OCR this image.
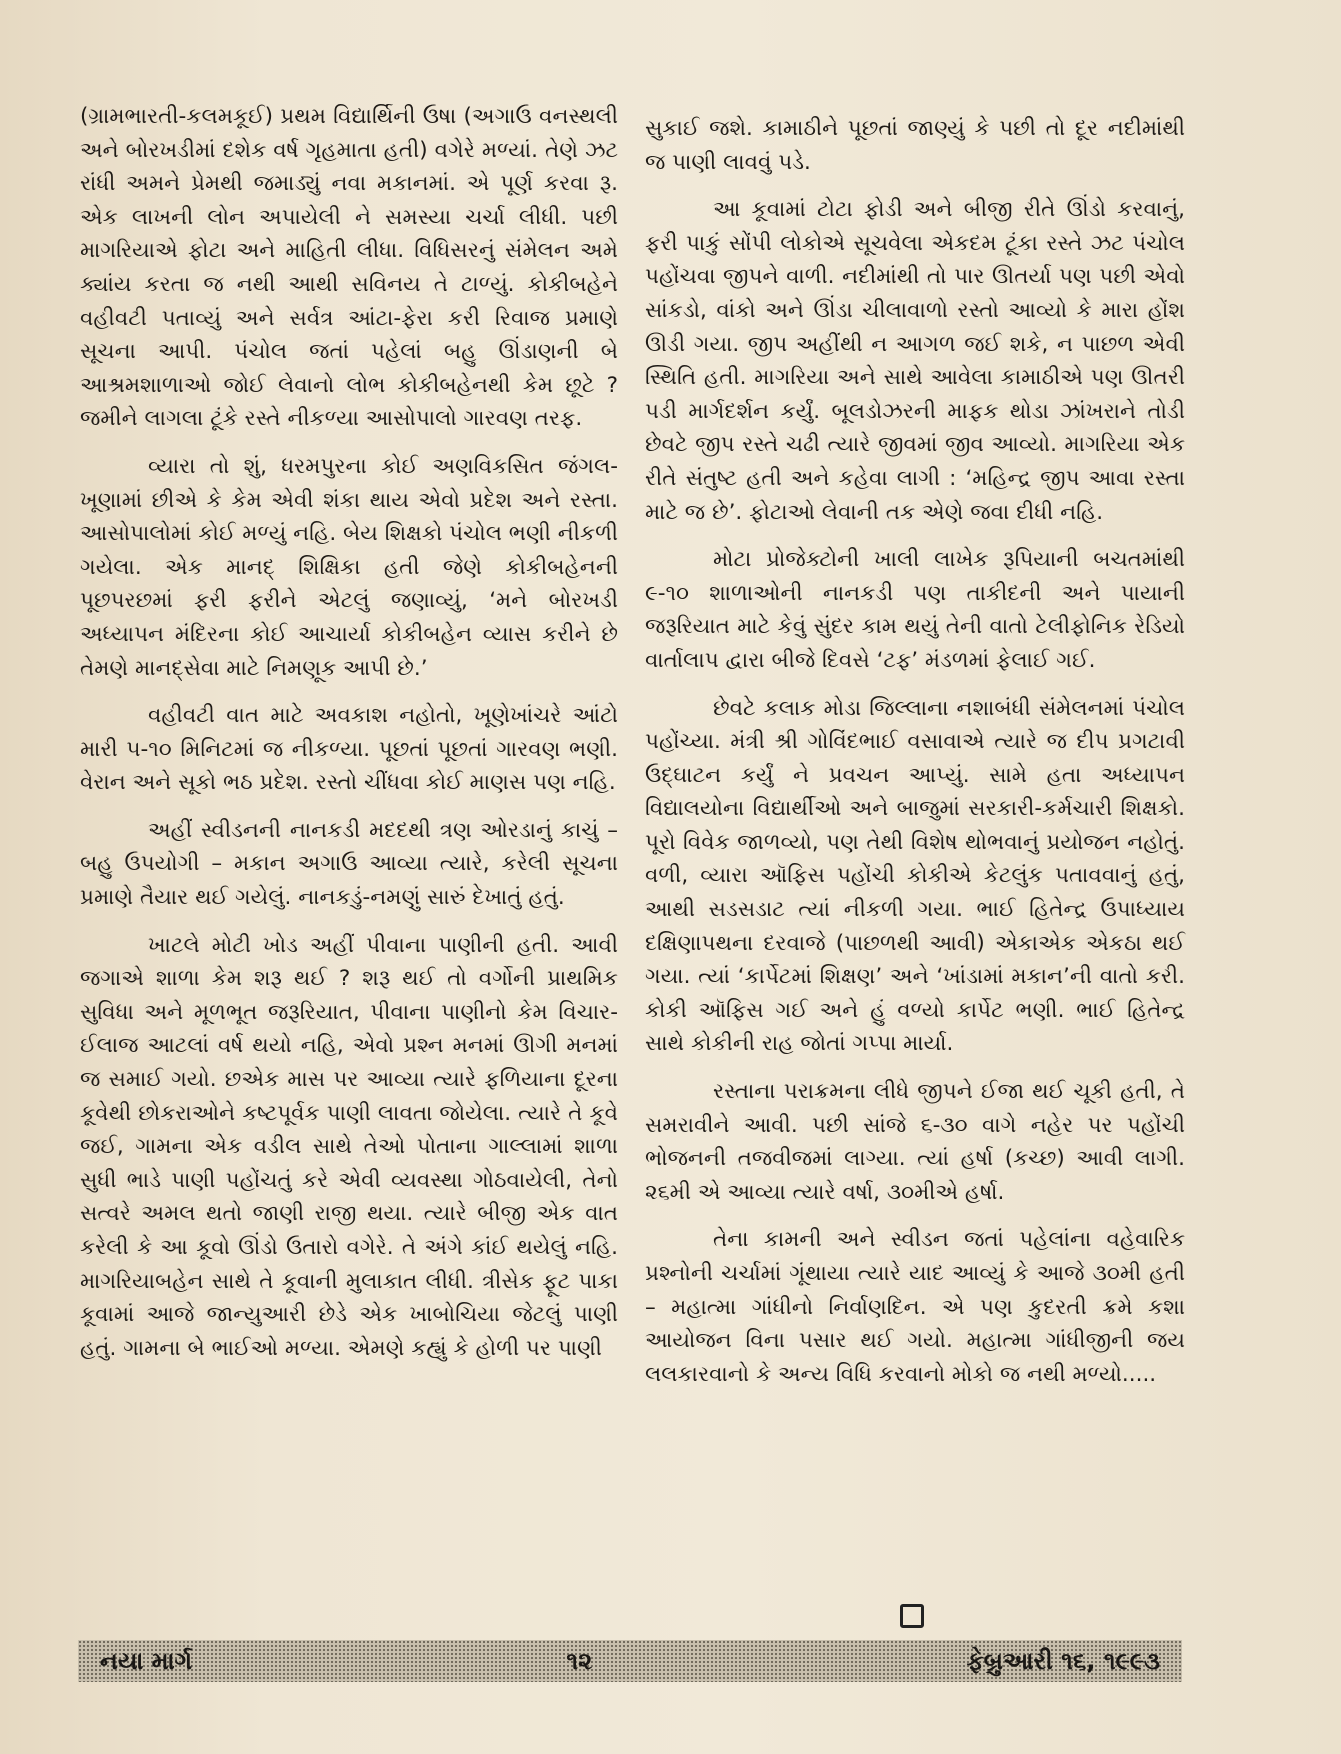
(ગ્રામભારતી-કલમકૂઈ) પ્રથમ વિદ્યાર્થિની ઉષા (અગાઉ વનસ્થલી અને બોરખડીમાં દશેક વર્ષ ગૃહમાતા હતી) વગેરે મળ્યાં. તેણે ઝટ રાંધી અમને પ્રેમથી જમાડ્યું નવા મકાનમાં. એ પૂર્ણ કરવા રૂ. એક લાખની લોન અપાયેલી ને સમસ્યા ચર્ચા લીધી. પછી માગરિયાએ ફોટા અને માહિતી લીધા. વિધિસરનું સંમેલન અમે ક્યાંય કરતા જ નથી આથી સવિનય તે ટાળ્યું. કોકીબહેને વહીવટી પતાવ્યું અને સર્વત્ર આંટા-ફેરા કરી રિવાજ પ્રમાણે સૂચના આપી. પંચોલ જતાં પહેલાં બહુ ઊંડાણની બે આશ્રમશાળાઓ જોઈ લેવાનો લોભ કોકીબહેનથી કેમ છૂટે ? જમીને લાગલા ટૂંકે રસ્તે નીકળ્યા આસોપાલો ગારવણ તરફ.

વ્યારા તો શું, ધરમપુરના કોઈ અણવિકસિત જંગલ-ખૂણામાં છીએ કે કેમ એવી શંકા થાય એવો પ્રદેશ અને રસ્તા. આસોપાલોમાં કોઈ મળ્યું નહિ. બેય શિક્ષકો પંચોલ ભણી નીકળી ગયેલા. એક માનદ્ શિક્ષિકા હતી જેણે કોકીબહેનની પૂછપરછમાં ફરી ફરીને એટલું જણાવ્યું, ‘મને બોરખડી અધ્યાપન મંદિરના કોઈ આચાર્યા કોકીબહેન વ્યાસ કરીને છે તેમણે માનદ્સેવા માટે નિમણૂક આપી છે.’

વહીવટી વાત માટે અવકાશ નહોતો, ખૂણેખાંચરે આંટો મારી ૫-૧૦ મિનિટમાં જ નીકળ્યા. પૂછતાં પૂછતાં ગારવણ ભણી. વેરાન અને સૂકો ભઠ પ્રદેશ. રસ્તો ચીંધવા કોઈ માણસ પણ નહિ.

અહીં સ્વીડનની નાનકડી મદદથી ત્રણ ઓરડાનું કાચું – બહુ ઉપયોગી – મકાન અગાઉ આવ્યા ત્યારે, કરેલી સૂચના પ્રમાણે તૈયાર થઈ ગયેલું. નાનકડું-નમણું સારું દેખાતું હતું.

ખાટલે મોટી ખોડ અહીં પીવાના પાણીની હતી. આવી જગાએ શાળા કેમ શરૂ થઈ ? શરૂ થઈ તો વર્ગોની પ્રાથમિક સુવિધા અને મૂળભૂત જરૂરિયાત, પીવાના પાણીનો કેમ વિચાર-ઈલાજ આટલાં વર્ષ થયો નહિ, એવો પ્રશ્ન મનમાં ઊગી મનમાં જ સમાઈ ગયો. છએક માસ પર આવ્યા ત્યારે ફળિયાના દૂરના કૂવેથી છોકરાઓને કષ્ટપૂર્વક પાણી લાવતા જોયેલા. ત્યારે તે કૂવે જઈ, ગામના એક વડીલ સાથે તેઓ પોતાના ગાલ્લામાં શાળા સુધી ભાડે પાણી પહોંચતું કરે એવી વ્યવસ્થા ગોઠવાયેલી, તેનો સત્વરે અમલ થતો જાણી રાજી થયા. ત્યારે બીજી એક વાત કરેલી કે આ કૂવો ઊંડો ઉતારો વગેરે. તે અંગે કાંઈ થયેલું નહિ. માગરિયાબહેન સાથે તે કૂવાની મુલાકાત લીધી. ત્રીસેક ફૂટ પાકા કૂવામાં આજે જાન્યુઆરી છેડે એક ખાબોચિયા જેટલું પાણી હતું. ગામના બે ભાઈઓ મળ્યા. એમણે કહ્યું કે હોળી પર પાણી

સુકાઈ જશે. કામાઠીને પૂછતાં જાણ્યું કે પછી તો દૂર નદીમાંથી જ પાણી લાવવું પડે.

આ કૂવામાં ટોટા ફોડી અને બીજી રીતે ઊંડો કરવાનું, ફરી પાકું સોંપી લોકોએ સૂચવેલા એકદમ ટૂંકા રસ્તે ઝટ પંચોલ પહોંચવા જીપને વાળી. નદીમાંથી તો પાર ઊતર્યા પણ પછી એવો સાંકડો, વાંકો અને ઊંડા ચીલાવાળો રસ્તો આવ્યો કે મારા હોંશ ઊડી ગયા. જીપ અહીંથી ન આગળ જઈ શકે, ન પાછળ એવી સ્થિતિ હતી. માગરિયા અને સાથે આવેલા કામાઠીએ પણ ઊતરી પડી માર્ગદર્શન કર્યું. બૂલડોઝરની માફક થોડા ઝાંખરાને તોડી છેવટે જીપ રસ્તે ચઢી ત્યારે જીવમાં જીવ આવ્યો. માગરિયા એક રીતે સંતુષ્ટ હતી અને કહેવા લાગી : ‘મહિન્દ્ર જીપ આવા રસ્તા માટે જ છે’. ફોટાઓ લેવાની તક એણે જવા દીધી નહિ.

મોટા પ્રોજેક્ટોની ખાલી લાખેક રૂપિયાની બચતમાંથી ૯-૧૦ શાળાઓની નાનકડી પણ તાકીદની અને પાયાની જરૂરિયાત માટે કેવું સુંદર કામ થયું તેની વાતો ટેલીફોનિક રેડિયો વાર્તાલાપ દ્વારા બીજે દિવસે ‘ટફ’ મંડળમાં ફેલાઈ ગઈ.

છેવટે કલાક મોડા જિલ્લાના નશાબંધી સંમેલનમાં પંચોલ પહોંચ્યા. મંત્રી શ્રી ગોવિંદભાઈ વસાવાએ ત્યારે જ દીપ પ્રગટાવી ઉદ્ઘાટન કર્યું ને પ્રવચન આપ્યું. સામે હતા અધ્યાપન વિદ્યાલયોના વિદ્યાર્થીઓ અને બાજુમાં સરકારી-કર્મચારી શિક્ષકો. પૂરો વિવેક જાળવ્યો, પણ તેથી વિશેષ થોભવાનું પ્રયોજન નહોતું. વળી, વ્યારા ઑફિસ પહોંચી કોકીએ કેટલુંક પતાવવાનું હતું, આથી સડસડાટ ત્યાં નીકળી ગયા. ભાઈ હિતેન્દ્ર ઉપાધ્યાય દક્ષિણાપથના દરવાજે (પાછળથી આવી) એકાએક એકઠા થઈ ગયા. ત્યાં ‘કાર્પેટમાં શિક્ષણ’ અને ‘ખાંડામાં મકાન’ની વાતો કરી. કોકી ઑફિસ ગઈ અને હું વળ્યો કાર્પેટ ભણી. ભાઈ હિતેન્દ્ર સાથે કોકીની રાહ જોતાં ગપ્પા માર્યા.

રસ્તાના પરાક્રમના લીધે જીપને ઈજા થઈ ચૂકી હતી, તે સમરાવીને આવી. પછી સાંજે ૬-૩૦ વાગે નહેર પર પહોંચી ભોજનની તજવીજમાં લાગ્યા. ત્યાં હર્ષા (કચ્છ) આવી લાગી. ૨૬મી એ આવ્યા ત્યારે વર્ષા, ૩૦મીએ હર્ષા.

તેના કામની અને સ્વીડન જતાં પહેલાંના વહેવારિક પ્રશ્નોની ચર્ચામાં ગૂંથાયા ત્યારે યાદ આવ્યું કે આજે ૩૦મી હતી – મહાત્મા ગાંધીનો નિર્વાણદિન. એ પણ કુદરતી ક્રમે કશા આયોજન વિના પસાર થઈ ગયો. મહાત્મા ગાંધીજીની જય લલકારવાનો કે અન્ય વિધિ કરવાનો મોકો જ નથી મળ્યો.....

નયા માર્ગ	૧૨	ફેબ્રુઆરી ૧૬, ૧૯૯૩
